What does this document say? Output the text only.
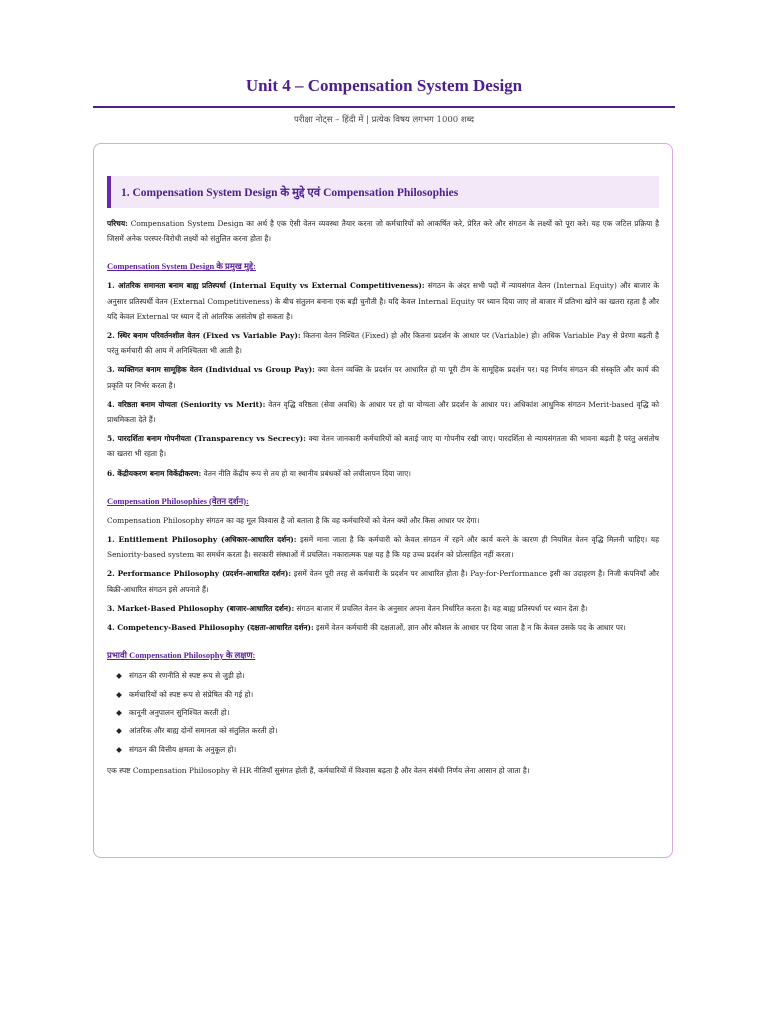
Unit 4 – Compensation System Design
परीक्षा नोट्स – हिंदी में | प्रत्येक विषय लगभग 1000 शब्द
1. Compensation System Design के मुद्दे एवं Compensation Philosophies

परिचय: Compensation System Design का अर्थ है एक ऐसी वेतन व्यवस्था तैयार करना जो कर्मचारियों को आकर्षित करे, प्रेरित करे और संगठन के लक्ष्यों को पूरा करे। यह एक जटिल प्रक्रिया है जिसमें अनेक परस्पर-विरोधी लक्ष्यों को संतुलित करना होता है।

Compensation System Design के प्रमुख मुद्दे:

1. आंतरिक समानता बनाम बाह्य प्रतिस्पर्धा (Internal Equity vs External Competitiveness): संगठन के अंदर सभी पदों में न्यायसंगत वेतन (Internal Equity) और बाजार के अनुसार प्रतिस्पर्धी वेतन (External Competitiveness) के बीच संतुलन बनाना एक बड़ी चुनौती है। यदि केवल Internal Equity पर ध्यान दिया जाए तो बाजार में प्रतिभा खोने का खतरा रहता है और यदि केवल External पर ध्यान दें तो आंतरिक असंतोष हो सकता है।

2. स्थिर बनाम परिवर्तनशील वेतन (Fixed vs Variable Pay): कितना वेतन निश्चित (Fixed) हो और कितना प्रदर्शन के आधार पर (Variable) हो। अधिक Variable Pay से प्रेरणा बढ़ती है परंतु कर्मचारी की आय में अनिश्चितता भी आती है।

3. व्यक्तिगत बनाम सामूहिक वेतन (Individual vs Group Pay): क्या वेतन व्यक्ति के प्रदर्शन पर आधारित हो या पूरी टीम के सामूहिक प्रदर्शन पर। यह निर्णय संगठन की संस्कृति और कार्य की प्रकृति पर निर्भर करता है।

4. वरिष्ठता बनाम योग्यता (Seniority vs Merit): वेतन वृद्धि वरिष्ठता (सेवा अवधि) के आधार पर हो या योग्यता और प्रदर्शन के आधार पर। अधिकांश आधुनिक संगठन Merit-based वृद्धि को प्राथमिकता देते हैं।

5. पारदर्शिता बनाम गोपनीयता (Transparency vs Secrecy): क्या वेतन जानकारी कर्मचारियों को बताई जाए या गोपनीय रखी जाए। पारदर्शिता से न्यायसंगतता की भावना बढ़ती है परंतु असंतोष का खतरा भी रहता है।

6. केंद्रीयकरण बनाम विकेंद्रीकरण: वेतन नीति केंद्रीय रूप से तय हो या स्थानीय प्रबंधकों को लचीलापन दिया जाए।

Compensation Philosophies (वेतन दर्शन):

Compensation Philosophy संगठन का वह मूल विश्वास है जो बताता है कि वह कर्मचारियों को वेतन क्यों और किस आधार पर देगा।

1. Entitlement Philosophy (अधिकार-आधारित दर्शन): इसमें माना जाता है कि कर्मचारी को केवल संगठन में रहने और कार्य करने के कारण ही नियमित वेतन वृद्धि मिलनी चाहिए। यह Seniority-based system का समर्थन करता है। सरकारी संस्थाओं में प्रचलित। नकारात्मक पक्ष यह है कि यह उच्च प्रदर्शन को प्रोत्साहित नहीं करता।

2. Performance Philosophy (प्रदर्शन-आधारित दर्शन): इसमें वेतन पूरी तरह से कर्मचारी के प्रदर्शन पर आधारित होता है। Pay-for-Performance इसी का उदाहरण है। निजी कंपनियाँ और बिक्री-आधारित संगठन इसे अपनाते हैं।

3. Market-Based Philosophy (बाजार-आधारित दर्शन): संगठन बाजार में प्रचलित वेतन के अनुसार अपना वेतन निर्धारित करता है। यह बाह्य प्रतिस्पर्धा पर ध्यान देता है।

4. Competency-Based Philosophy (दक्षता-आधारित दर्शन): इसमें वेतन कर्मचारी की दक्षताओं, ज्ञान और कौशल के आधार पर दिया जाता है न कि केवल उसके पद के आधार पर।

प्रभावी Compensation Philosophy के लक्षण:

संगठन की रणनीति से स्पष्ट रूप से जुड़ी हो।
कर्मचारियों को स्पष्ट रूप से संप्रेषित की गई हो।
कानूनी अनुपालन सुनिश्चित करती हो।
आंतरिक और बाह्य दोनों समानता को संतुलित करती हो।
संगठन की वित्तीय क्षमता के अनुकूल हो।

एक स्पष्ट Compensation Philosophy से HR नीतियाँ सुसंगत होती हैं, कर्मचारियों में विश्वास बढ़ता है और वेतन संबंधी निर्णय लेना आसान हो जाता है।
